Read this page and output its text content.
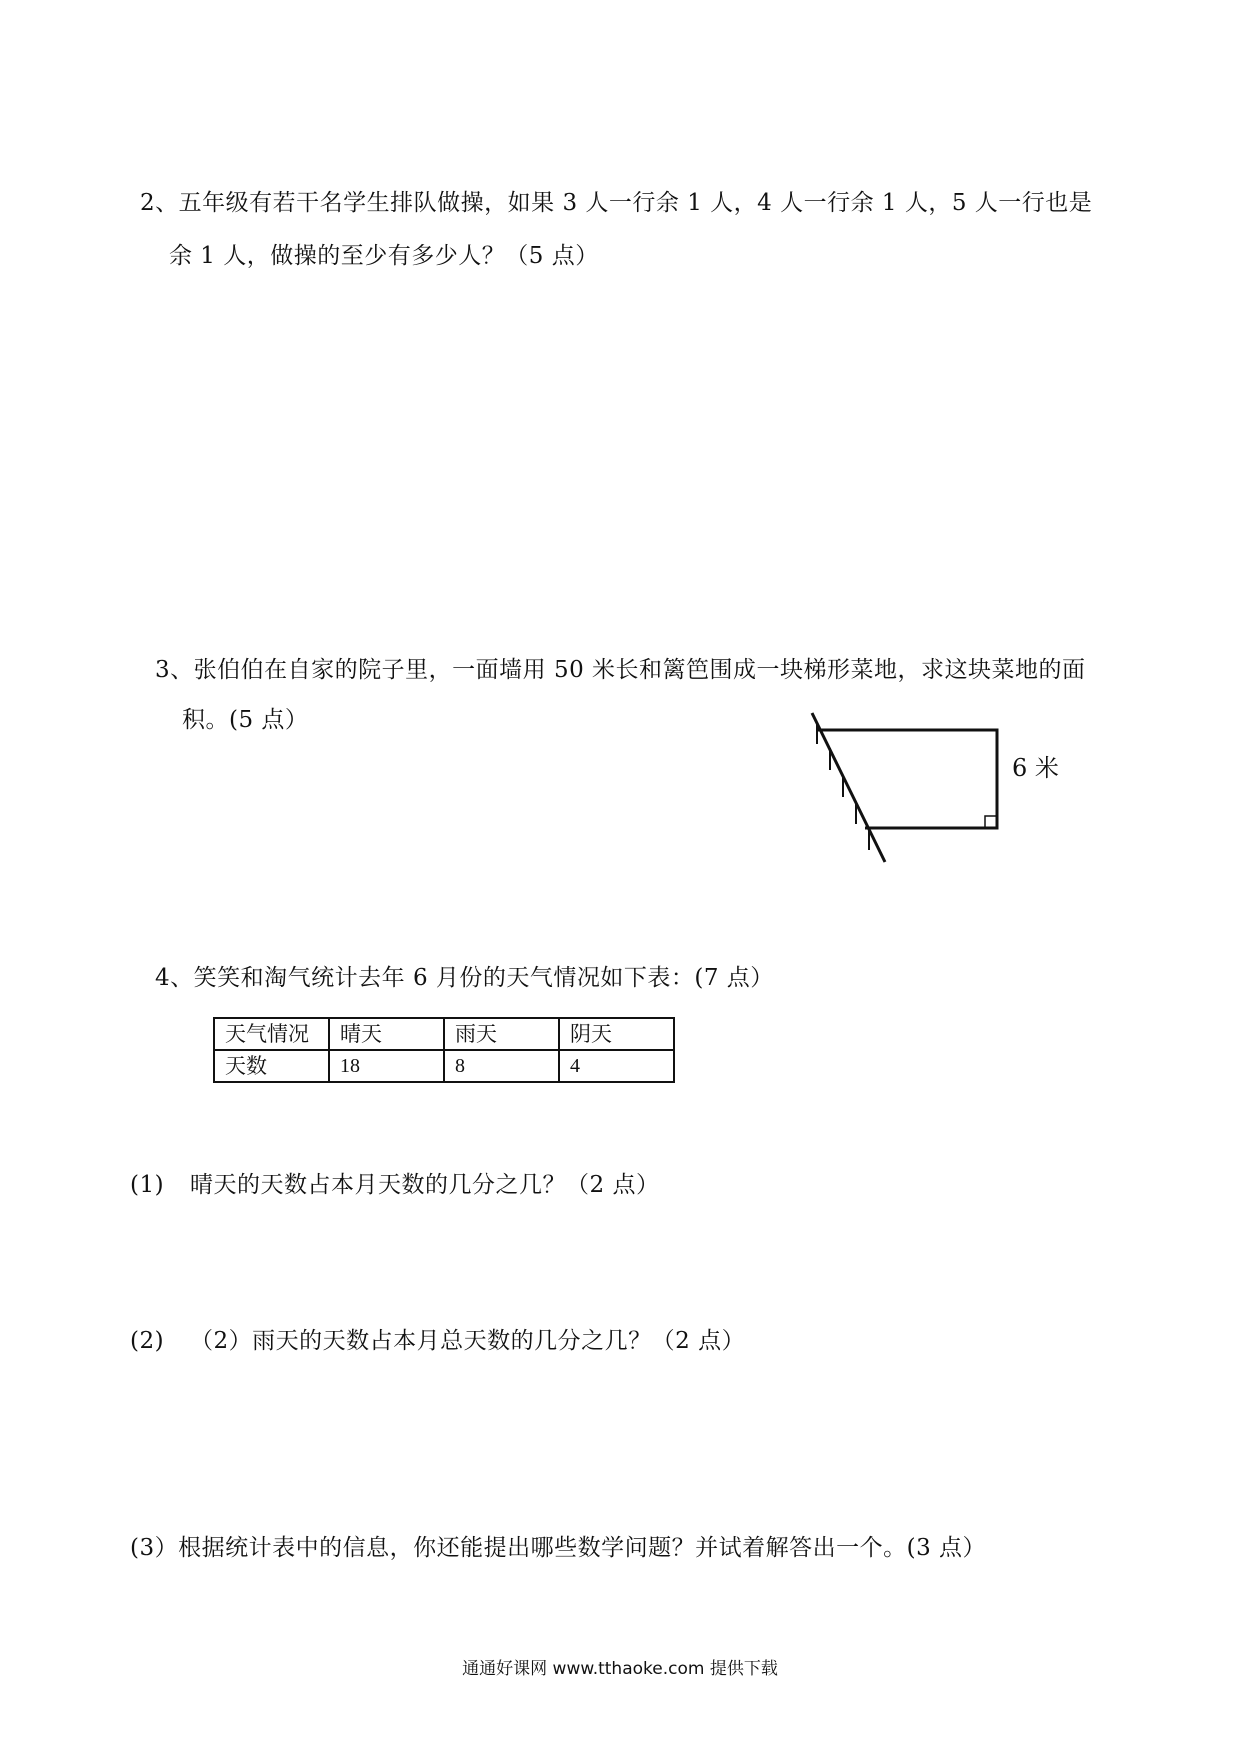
2、五年级有若干名学生排队做操，如果 3 人一行余 1 人，4 人一行余 1 人，5 人一行也是
余 1 人，做操的至少有多少人？（5 点）
3、张伯伯在自家的院子里，一面墙用 50 米长和篱笆围成一块梯形菜地，求这块菜地的面
积。(5 点）
6 米
4、笑笑和淘气统计去年 6 月份的天气情况如下表：(7 点）
天气情况	晴天	雨天	阴天
天数	18	8	4
(1) 晴天的天数占本月天数的几分之几？（2 点）
(2) （2）雨天的天数占本月总天数的几分之几？（2 点）
(3）根据统计表中的信息，你还能提出哪些数学问题？并试着解答出一个。(3 点）
通通好课网 www.tthaoke.com 提供下载
